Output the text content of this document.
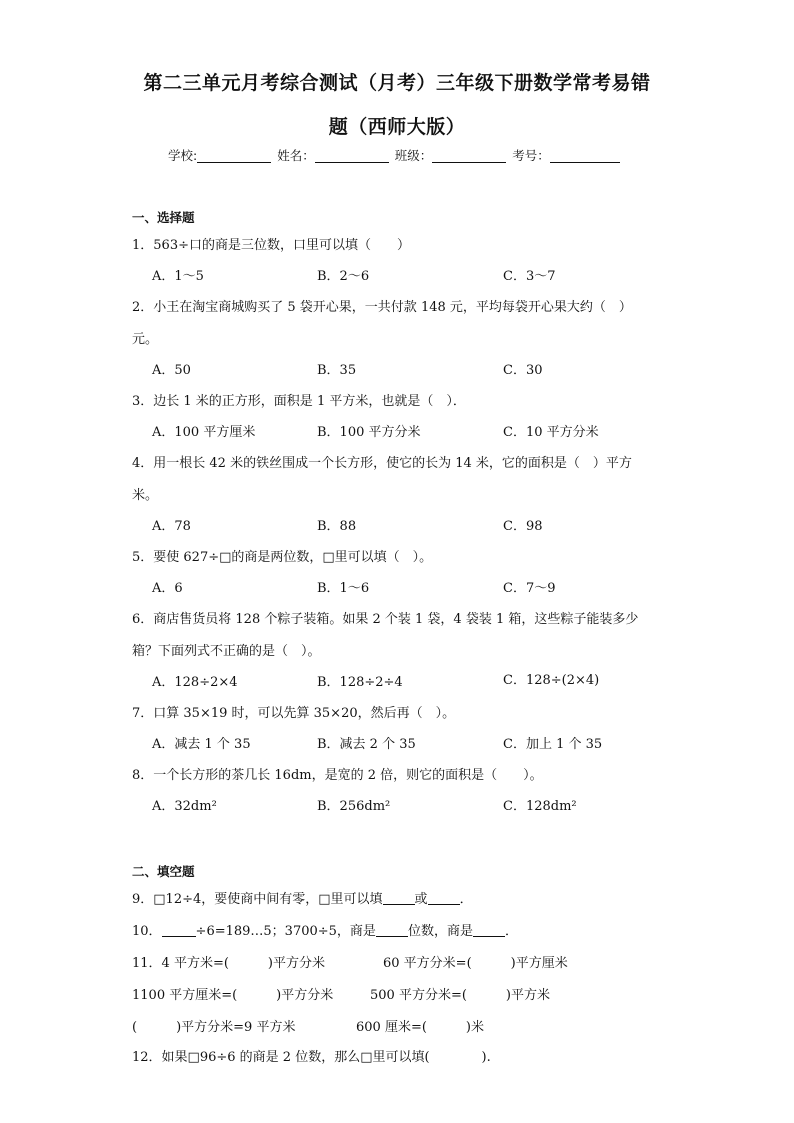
第二三单元月考综合测试（月考）三年级下册数学常考易错
题（西师大版）
学校:	姓名：	班级：	考号：
一、选择题
1．563÷口的商是三位数，口里可以填（　　）
A．1～5	B．2～6	C．3～7
2．小王在淘宝商城购买了 5 袋开心果，一共付款 148 元，平均每袋开心果大约（　）
元。
A．50	B．35	C．30
3．边长 1 米的正方形，面积是 1 平方米，也就是（　）．
A．100 平方厘米	B．100 平方分米	C．10 平方分米
4．用一根长 42 米的铁丝围成一个长方形，使它的长为 14 米，它的面积是（　）平方
米。
A．78	B．88	C．98
5．要使 627÷□的商是两位数，□里可以填（　）。
A．6	B．1～6	C．7～9
6．商店售货员将 128 个粽子装箱。如果 2 个装 1 袋，4 袋装 1 箱，这些粽子能装多少
箱？下面列式不正确的是（　）。
A．128÷2×4	B．128÷2÷4	C．128÷(2×4)
7．口算 35×19 时，可以先算 35×20，然后再（　）。
A．减去 1 个 35	B．减去 2 个 35	C．加上 1 个 35
8．一个长方形的茶几长 16dm，是宽的 2 倍，则它的面积是（　　）。
A．32dm²	B．256dm²	C．128dm²
二、填空题
9．□12÷4，要使商中间有零，□里可以填 或 ．
10．	÷6=189…5；3700÷5，商是 位数，商是 ．
11．4 平方米=(　　　)平方分米	60 平方分米=(　　　)平方厘米
1100 平方厘米=(　　　)平方分米	500 平方分米=(　　　)平方米
(　　　)平方分米=9 平方米	600 厘米=(　　　)米
12．如果□96÷6 的商是 2 位数，那么□里可以填(　　　　).
